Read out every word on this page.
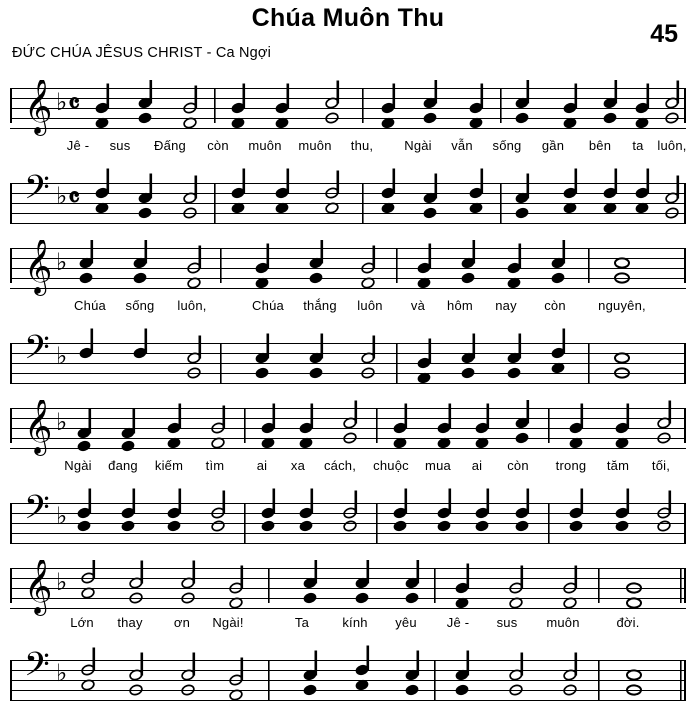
Chúa Muôn Thu
45
ĐỨC CHÚA JÊSUS CHRIST - Ca Ngợi
𝄞 ♭ 𝄴
𝄢 ♭ 𝄴
Jê - sus Đấng còn muôn muôn thu, Ngài vẫn sống gần bên ta luôn,
𝄞 ♭
𝄢 ♭
Chúa sống luôn,	Chúa thắng luôn và hôm nay còn nguyên,
𝄞 ♭
𝄢 ♭
Ngài đang kiếm tìm ai xa cách, chuộc mua ai còn trong tăm tối,
𝄞 ♭
𝄢 ♭
Lớn thay ơn Ngài!	Ta	kính yêu Jê - sus muôn	đời.
